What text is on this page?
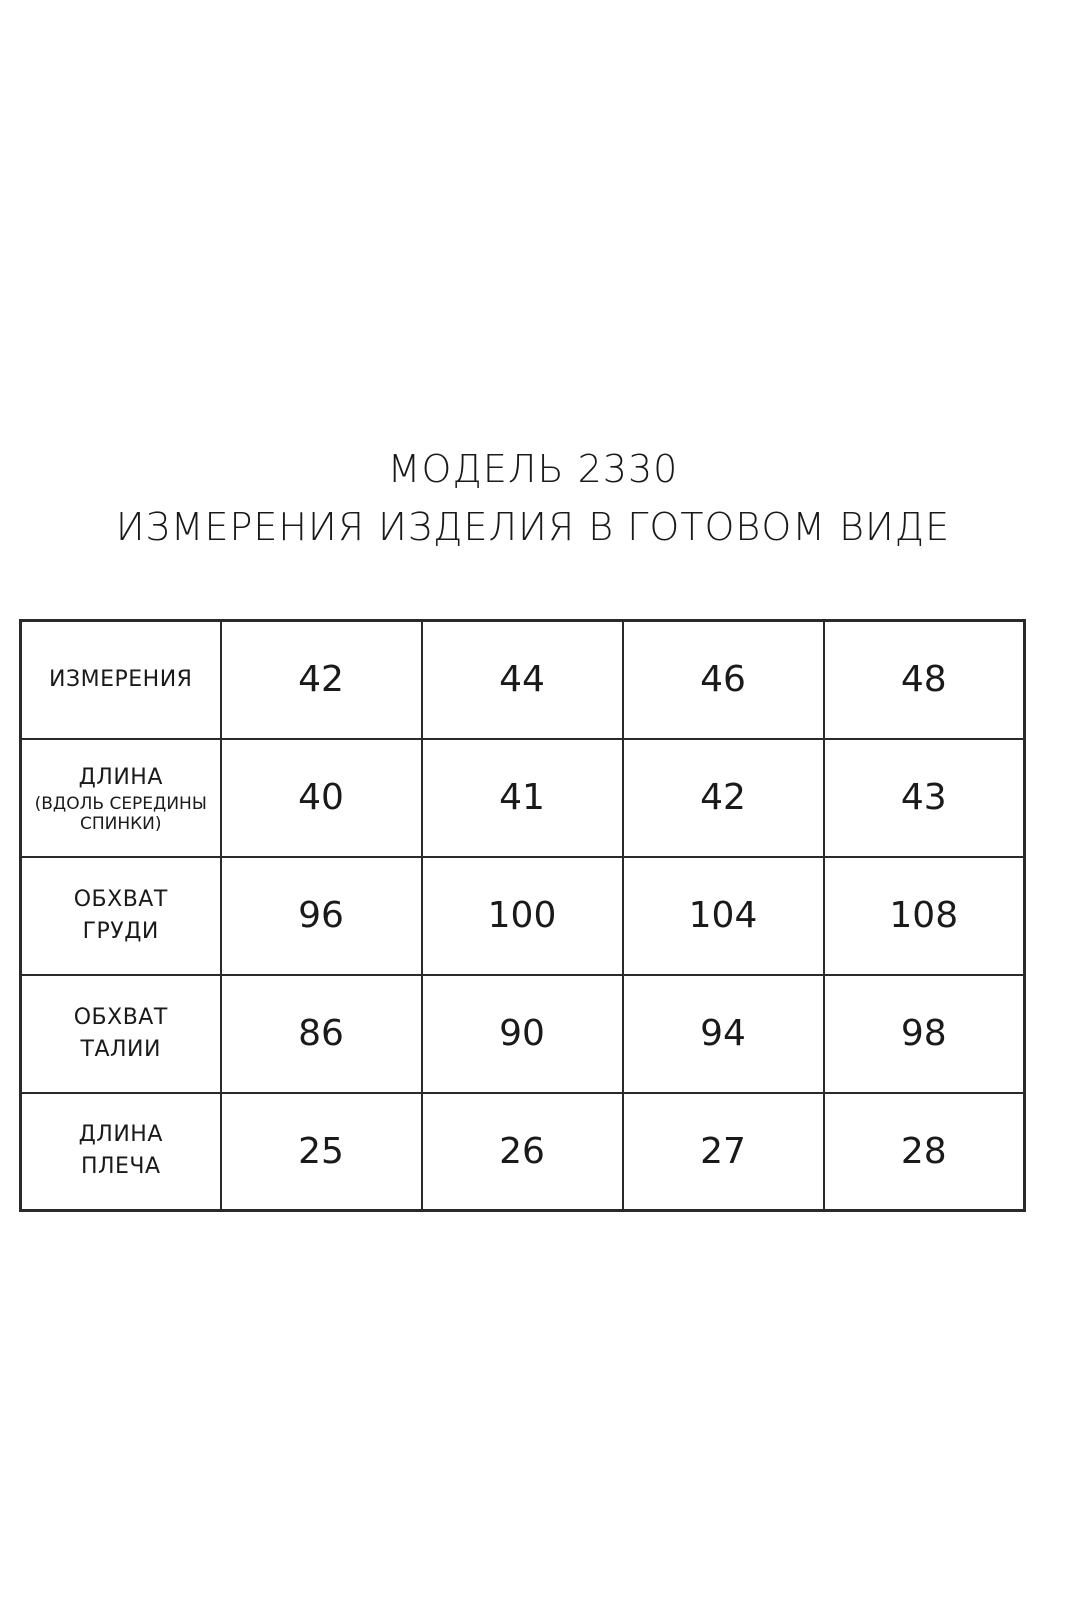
МОДЕЛЬ 2330
ИЗМЕРЕНИЯ ИЗДЕЛИЯ В ГОТОВОМ ВИДЕ
ИЗМЕРЕНИЯ	42	44	46	48

ДЛИНА
(ВДОЛЬ СЕРЕДИНЫ СПИНКИ)	40	41	42	43

ОБХВАТ
ГРУДИ	96	100	104	108

ОБХВАТ
ТАЛИИ	86	90	94	98

ДЛИНА
ПЛЕЧА	25	26	27	28
